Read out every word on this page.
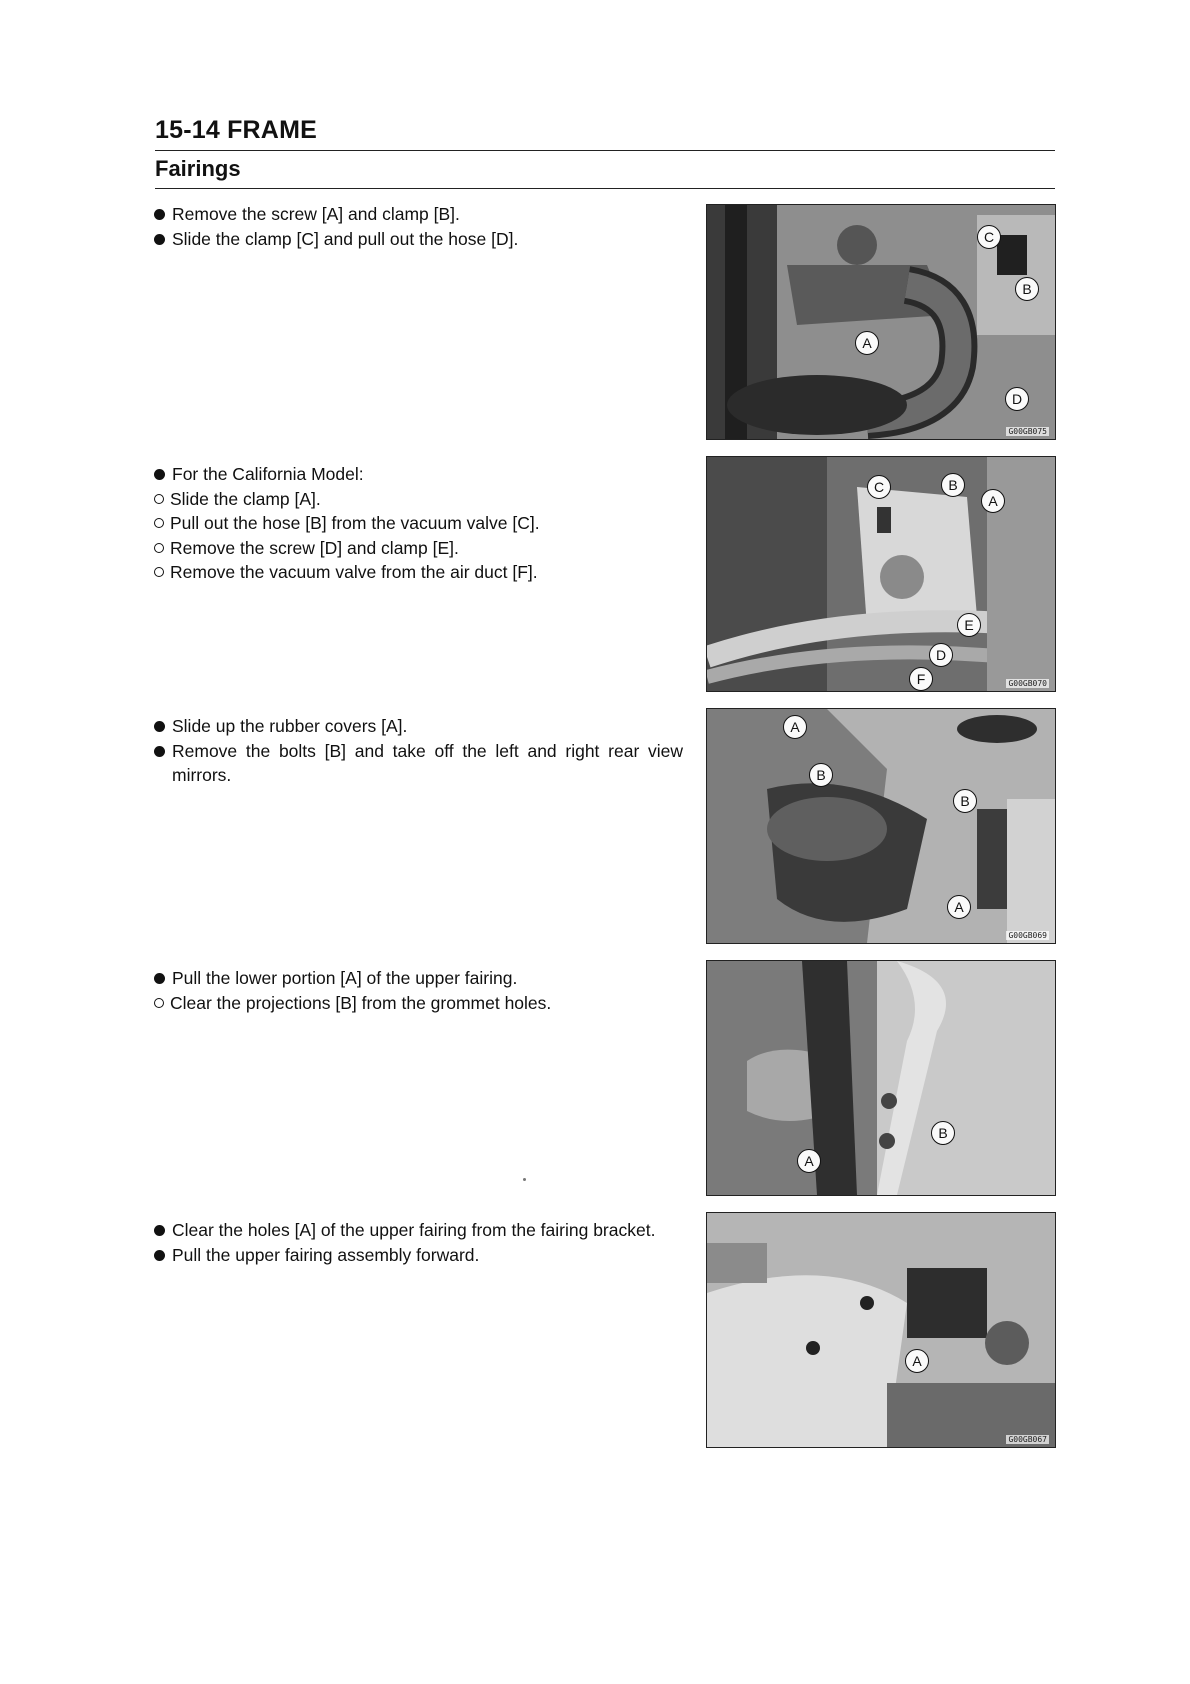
15-14 FRAME
Fairings
Remove the screw [A] and clamp [B].
Slide the clamp [C] and pull out the hose [D].	C
B
A
D
G00GB075
For the California Model:
Slide the clamp [A].
Pull out the hose [B] from the vacuum valve [C].
Remove the screw [D] and clamp [E].
Remove the vacuum valve from the air duct [F].
C	B
A
E
D
F	G00GB070
Slide up the rubber covers [A].
Remove the bolts [B] and take off the left and right rear view mirrors.
A
B
B
A
G00GB069
Pull the lower portion [A] of the upper fairing.
Clear the projections [B] from the grommet holes.
B
A
Clear the holes [A] of the upper fairing from the fairing bracket.
Pull the upper fairing assembly forward.
A
G00GB067
